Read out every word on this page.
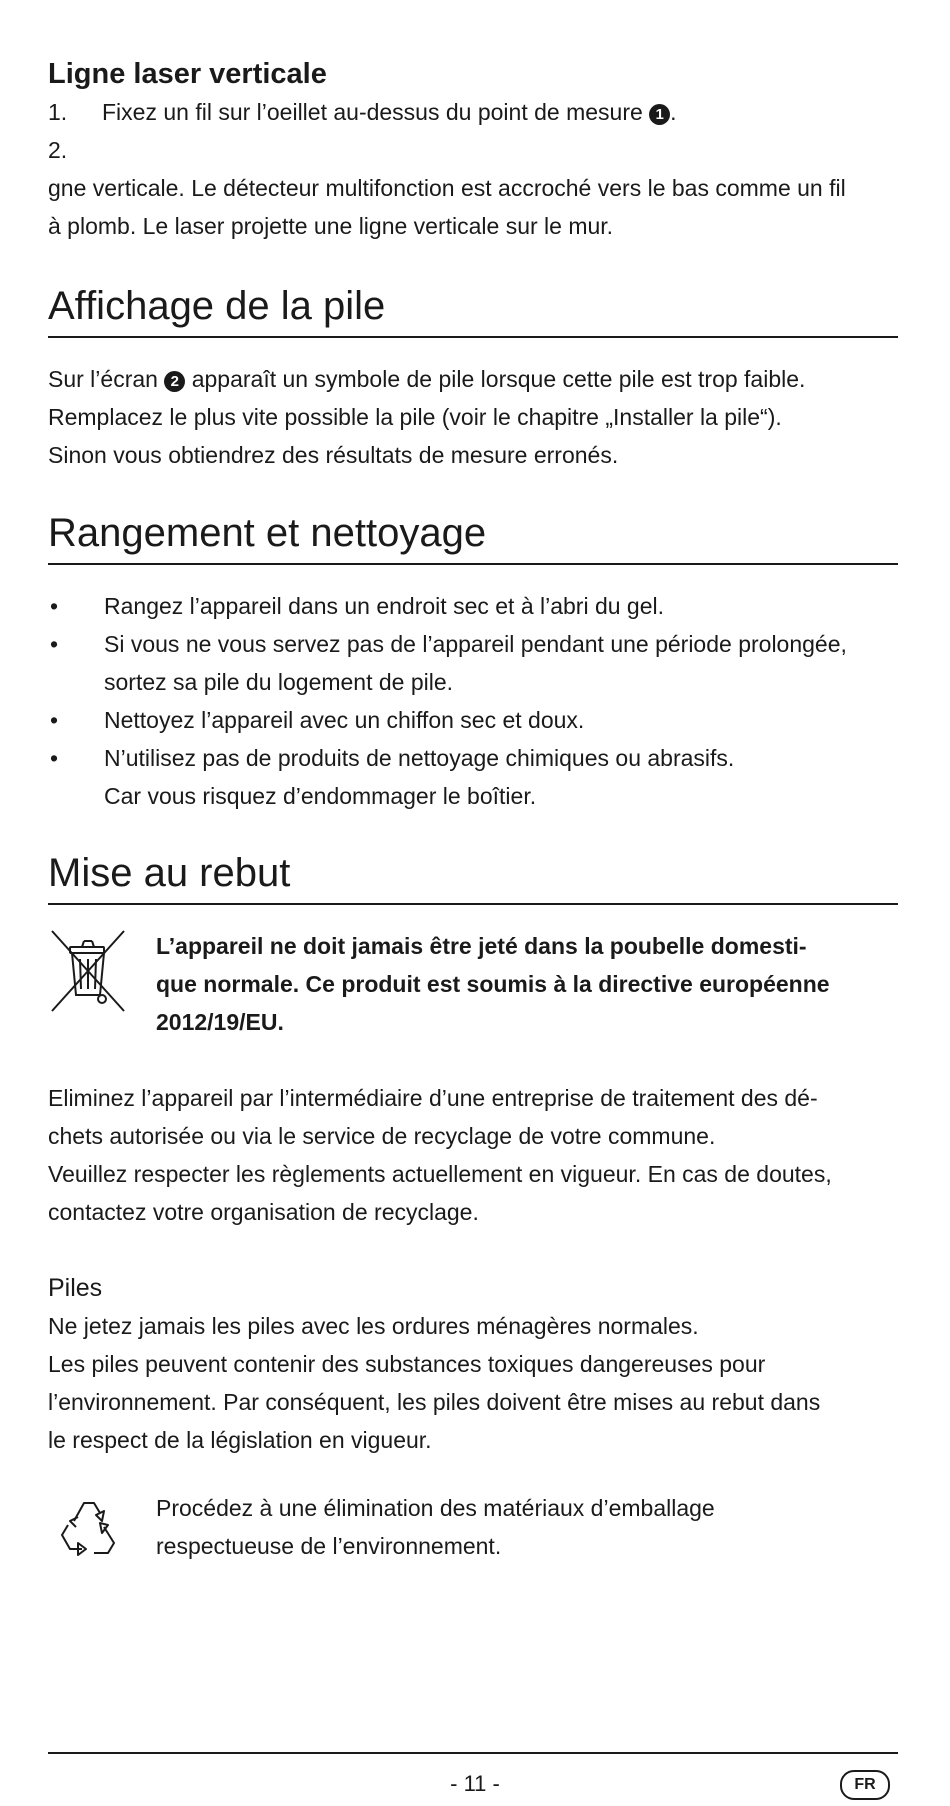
Ligne laser verticale
1.	Fixez un fil sur l’oeillet au-dessus du point de mesure 1 .
2.

gne verticale. Le détecteur multifonction est accroché vers le bas comme un fil

à plomb. Le laser projette une ligne verticale sur le mur.

Affichage de la pile

Sur l’écran 2 apparaît un symbole de pile lorsque cette pile est trop faible.

Remplacez le plus vite possible la pile (voir le chapitre „Installer la pile“).

Sinon vous obtiendrez des résultats de mesure erronés.

Rangement et nettoyage
•	Rangez l’appareil dans un endroit sec et à l’abri du gel.
•	Si vous ne vous servez pas de l’appareil pendant une période prolongée,
sortez sa pile du logement de pile.
•	Nettoyez l’appareil avec un chiffon sec et doux.
•	N’utilisez pas de produits de nettoyage chimiques ou abrasifs.
Car vous risquez d’endommager le boîtier.
Mise au rebut

L’appareil ne doit jamais être jeté dans la poubelle domesti-

que normale. Ce produit est soumis à la directive européenne

2012/19/EU.

Eliminez l’appareil par l’intermédiaire d’une entreprise de traitement des dé-

chets autorisée ou via le service de recyclage de votre commune.

Veuillez respecter les règlements actuellement en vigueur. En cas de doutes,

contactez votre organisation de recyclage.

Piles

Ne jetez jamais les piles avec les ordures ménagères normales.

Les piles peuvent contenir des substances toxiques dangereuses pour

l’environnement. Par conséquent, les piles doivent être mises au rebut dans

le respect de la législation en vigueur.

Procédez à une élimination des matériaux d’emballage

respectueuse de l’environnement.

- 11 -	FR
